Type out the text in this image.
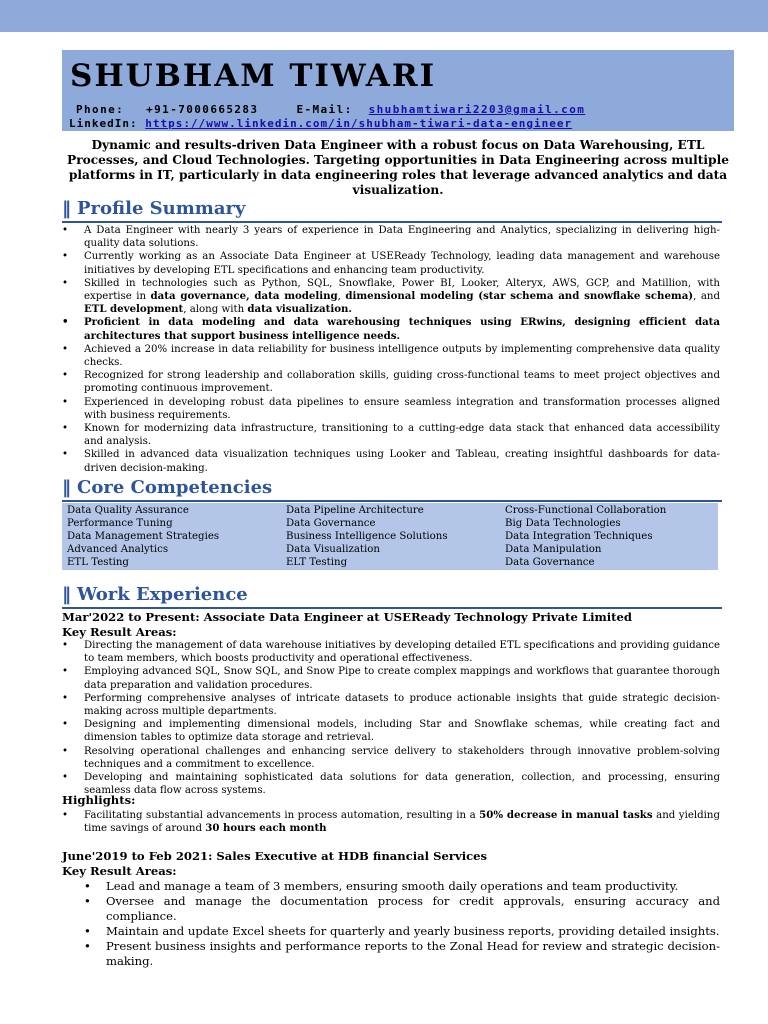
SHUBHAM TIWARI
Phone: +91-7000665283	E-Mail: shubhamtiwari2203@gmail.com
LinkedIn: https://www.linkedin.com/in/shubham-tiwari-data-engineer
Dynamic and results-driven Data Engineer with a robust focus on Data Warehousing, ETL Processes, and Cloud Technologies. Targeting opportunities in Data Engineering across multiple platforms in IT, particularly in data engineering roles that leverage advanced analytics and data visualization.
‖ Profile Summary
• A Data Engineer with nearly 3 years of experience in Data Engineering and Analytics, specializing in delivering high-quality data solutions.
• Currently working as an Associate Data Engineer at USEReady Technology, leading data management and warehouse initiatives by developing ETL specifications and enhancing team productivity.
• Skilled in technologies such as Python, SQL, Snowflake, Power BI, Looker, Alteryx, AWS, GCP, and Matillion, with expertise in data governance, data modeling, dimensional modeling (star schema and snowflake schema), and ETL development, along with data visualization.
• Proficient in data modeling and data warehousing techniques using ERwins, designing efficient data architectures that support business intelligence needs.
• Achieved a 20% increase in data reliability for business intelligence outputs by implementing comprehensive data quality checks.
• Recognized for strong leadership and collaboration skills, guiding cross-functional teams to meet project objectives and promoting continuous improvement.
• Experienced in developing robust data pipelines to ensure seamless integration and transformation processes aligned with business requirements.
• Known for modernizing data infrastructure, transitioning to a cutting-edge data stack that enhanced data accessibility and analysis.
• Skilled in advanced data visualization techniques using Looker and Tableau, creating insightful dashboards for data-driven decision-making.
‖ Core Competencies
Data Quality Assurance
Performance Tuning
Data Management Strategies
Advanced Analytics
ETL Testing
Data Pipeline Architecture
Data Governance
Business Intelligence Solutions
Data Visualization
ELT Testing
Cross-Functional Collaboration
Big Data Technologies
Data Integration Techniques
Data Manipulation
Data Governance
‖ Work Experience
Mar'2022 to Present: Associate Data Engineer at USEReady Technology Private Limited
Key Result Areas:
• Directing the management of data warehouse initiatives by developing detailed ETL specifications and providing guidance to team members, which boosts productivity and operational effectiveness.
• Employing advanced SQL, Snow SQL, and Snow Pipe to create complex mappings and workflows that guarantee thorough data preparation and validation procedures.
• Performing comprehensive analyses of intricate datasets to produce actionable insights that guide strategic decision-making across multiple departments.
• Designing and implementing dimensional models, including Star and Snowflake schemas, while creating fact and dimension tables to optimize data storage and retrieval.
• Resolving operational challenges and enhancing service delivery to stakeholders through innovative problem-solving techniques and a commitment to excellence.
• Developing and maintaining sophisticated data solutions for data generation, collection, and processing, ensuring seamless data flow across systems.
Highlights:
• Facilitating substantial advancements in process automation, resulting in a 50% decrease in manual tasks and yielding time savings of around 30 hours each month
June'2019 to Feb 2021: Sales Executive at HDB financial Services
Key Result Areas:
• Lead and manage a team of 3 members, ensuring smooth daily operations and team productivity.
• Oversee and manage the documentation process for credit approvals, ensuring accuracy and compliance.
• Maintain and update Excel sheets for quarterly and yearly business reports, providing detailed insights.
• Present business insights and performance reports to the Zonal Head for review and strategic decision-making.
